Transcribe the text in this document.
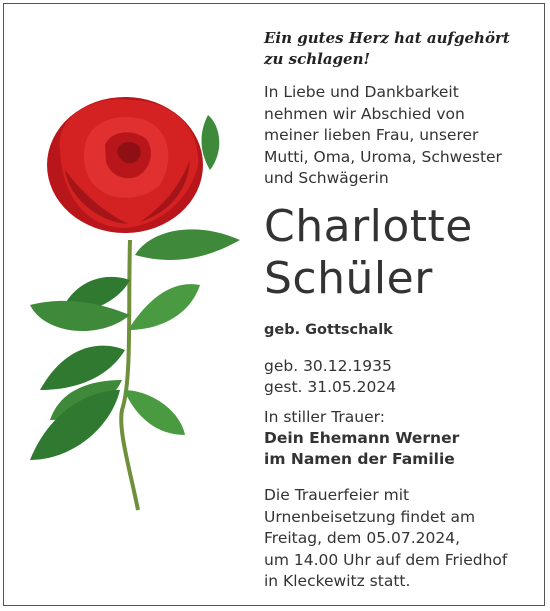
Ein gutes Herz hat aufgehört
zu schlagen!
In Liebe und Dankbarkeit
nehmen wir Abschied von
meiner lieben Frau, unserer
Mutti, Oma, Uroma, Schwester
und Schwägerin
Charlotte
Schüler
geb. Gottschalk
geb. 30.12.1935
gest. 31.05.2024
In stiller Trauer:
Dein Ehemann Werner
im Namen der Familie
Die Trauerfeier mit
Urnenbeisetzung findet am
Freitag, dem 05.07.2024,
um 14.00 Uhr auf dem Friedhof
in Kleckewitz statt.
